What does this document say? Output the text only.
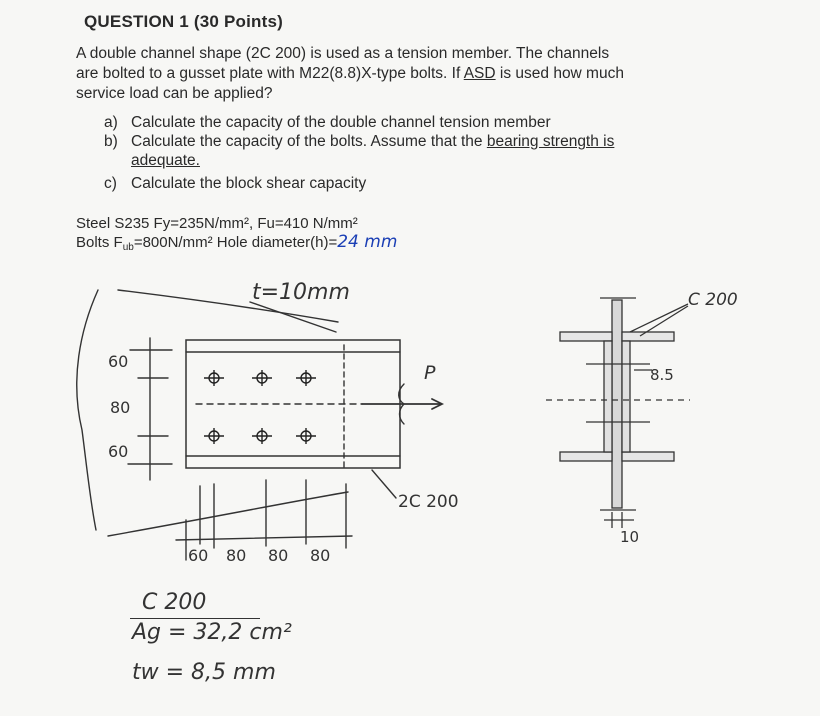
QUESTION 1 (30 Points)
A double channel shape (2C 200) is used as a tension member. The channels
are bolted to a gusset plate with M22(8.8)X-type bolts. If ASD is used how much
service load can be applied?
a) Calculate the capacity of the double channel tension member
b) Calculate the capacity of the bolts. Assume that the bearing strength is
adequate.
c) Calculate the block shear capacity
Steel S235 Fy=235N/mm², Fu=410 N/mm²
Bolts $F_{ub}=800N$/mm² Hole diameter(h)=24 mm
t=10mm
P
2C 200
60
80
60
60 80 80 80
C 200
8.5
10
C 200
Ag = 32,2 cm²
tw = 8,5 mm
